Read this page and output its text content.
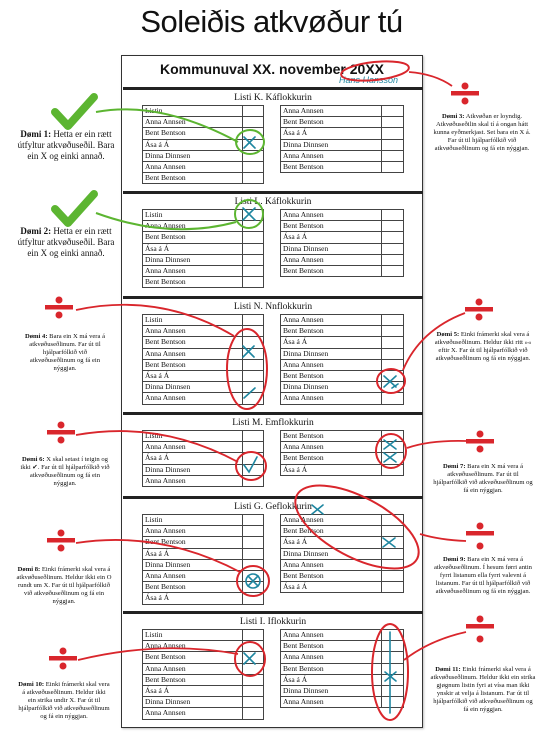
Soleiðis atkvøður tú
Kommunuval XX. november 20XX
Hans Hansson
Listi K. Káflokkurin
Listin
Anna Annsen
Bent Bentson
Ása á Á
Dinna Dinnsen
Anna Annsen
Bent Bentson
Anna Annsen
Bent Bentson
Ása á Á
Dinna Dinnsen
Anna Annsen
Bent Bentson
Listi L. Káflokkurin
Listin
Anna Annsen
Bent Bentson
Ása á Á
Dinna Dinnsen
Anna Annsen
Bent Bentson
Anna Annsen
Bent Bentson
Ása á Á
Dinna Dinnsen
Anna Annsen
Bent Bentson
Listi N. Nnflokkurin
Listin
Anna Annsen
Bent Bentson
Anna Annsen
Bent Bentson
Ása á Á
Dinna Dinnsen
Anna Annsen
Anna Annsen
Bent Bentson
Ása á Á
Dinna Dinnsen
Anna Annsen
Bent Bentson
Dinna Dinnsen
Anna Annsen
Listi M. Emflokkurin
Listin
Anna Annsen
Ása á Á
Dinna Dinnsen
Anna Annsen
Bent Bentson
Anna Annsen
Bent Bentson
Ása á Á
Listi G. Geflokkurin
Listin
Anna Annsen
Bent Bentson
Ása á Á
Dinna Dinnsen
Anna Annsen
Bent Bentson
Ása á Á
Anna Annsen
Bent Bentson
Ása á Á
Dinna Dinnsen
Anna Annsen
Bent Bentson
Ása á Á
Listi I. Iflokkurin
Listin
Anna Annsen
Bent Bentson
Anna Annsen
Bent Bentson
Ása á Á
Dinna Dinnsen
Anna Annsen
Anna Annsen
Bent Bentson
Anna Annsen
Bent Bentson
Ása á Á
Dinna Dinnsen
Anna Annsen
Dømi 1: Hetta er ein rætt útfyltur atkvøðuseðil. Bara ein X og einki annað.
Dømi 2: Hetta er ein rætt útfyltur atkvøðuseðil. Bara ein X og einki annað.
Dømi 4: Bara ein X má vera á atkvøðuseðlinum. Far út til hjálparfólkið við atkvøðuseðlinum og fá ein nýggjan.
Dømi 6: X skal setast í teigin og ikki ✔. Far út til hjálparfólkið við atkvøðuseðlinum og fá ein nýggjan.
Dømi 8: Einki frámerki skal vera á atkvøðuseðlinum. Heldur ikki ein O rundt um X. Far út til hjálparfólkið við atkvøðuseðlinum og fá ein nýggjan.
Dømi 10: Einki frámerki skal vera á atkvøðuseðlinum. Heldur ikki ein strika undir X. Far út til hjálparfólkið við atkvøðuseðlinum og fá ein nýggjan.
Dømi 3: Atkvøðan er loyndig. Atkvøðuseðilin skal tí á ongan hátt kunna eyðmerkjast. Set bara ein X á. Far út til hjálparfólkið við atkvøðuseðlinum og fá ein nýggjan.
Dømi 5: Einki frámerki skal vera á atkvøðuseðlinum. Heldur ikki ritt »« eftir X. Far út til hjálparfólkið við atkvøðuseðlinum og fá ein nýggjan.
Dømi 7: Bara ein X má vera á atkvøðuseðlinum. Far út til hjálparfólkið við atkvøðuseðlinum og fá ein nýggjan.
Dømi 9: Bara ein X má vera á atkvøðuseðlinum. Í hesum førri antin fyrri listanum ella fyrri valevni á listanum. Far út til hjálparfólkið við atkvøðuseðlinum og fá ein nýggjan.
Dømi 11: Einki frámerki skal vera á atkvøðuseðlinum. Heldur ikki ein strika gjøgnum listin fyri at vísa man ikki ynskir at velja á listanum. Far út til hjálparfólkið við atkvøðuseðlinum og fá ein nýggjan.
